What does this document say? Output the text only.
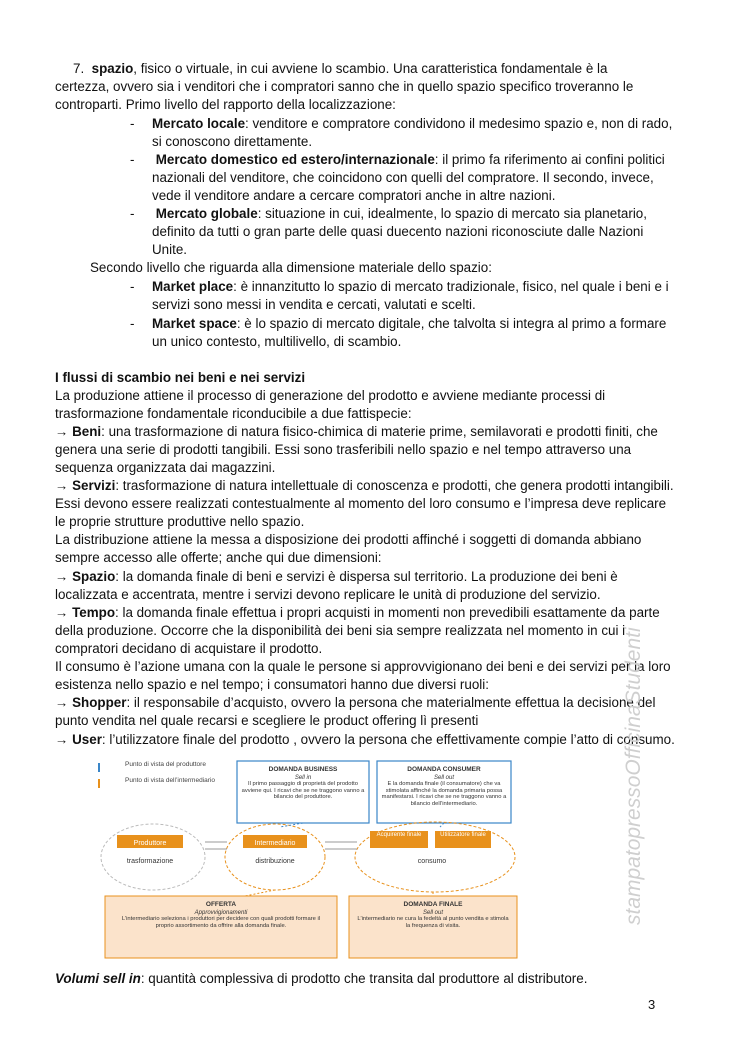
7. spazio, fisico o virtuale, in cui avviene lo scambio. Una caratteristica fondamentale è la
certezza, ovvero sia i venditori che i compratori sanno che in quello spazio specifico troveranno le
controparti. Primo livello del rapporto della localizzazione:
- Mercato locale: venditore e compratore condividono il medesimo spazio e, non di rado,
si conoscono direttamente.
- Mercato domestico ed estero/internazionale: il primo fa riferimento ai confini politici
nazionali del venditore, che coincidono con quelli del compratore. Il secondo, invece,
vede il venditore andare a cercare compratori anche in altre nazioni.
- Mercato globale: situazione in cui, idealmente, lo spazio di mercato sia planetario,
definito da tutti o gran parte delle quasi duecento nazioni riconosciute dalle Nazioni
Unite.
Secondo livello che riguarda alla dimensione materiale dello spazio:
- Market place: è innanzitutto lo spazio di mercato tradizionale, fisico, nel quale i beni e i
servizi sono messi in vendita e cercati, valutati e scelti.
- Market space: è lo spazio di mercato digitale, che talvolta si integra al primo a formare
un unico contesto, multilivello, di scambio.
I flussi di scambio nei beni e nei servizi
La produzione attiene il processo di generazione del prodotto e avviene mediante processi di
trasformazione fondamentale riconducibile a due fattispecie:
→ Beni: una trasformazione di natura fisico-chimica di materie prime, semilavorati e prodotti finiti, che
genera una serie di prodotti tangibili. Essi sono trasferibili nello spazio e nel tempo attraverso una
sequenza organizzata dai magazzini.
→ Servizi: trasformazione di natura intellettuale di conoscenza e prodotti, che genera prodotti intangibili.
Essi devono essere realizzati contestualmente al momento del loro consumo e l’impresa deve replicare
le proprie strutture produttive nello spazio.
La distribuzione attiene la messa a disposizione dei prodotti affinché i soggetti di domanda abbiano
sempre accesso alle offerte; anche qui due dimensioni:
→ Spazio: la domanda finale di beni e servizi è dispersa sul territorio. La produzione dei beni è
localizzata e accentrata, mentre i servizi devono replicare le unità di produzione del servizio.
→ Tempo: la domanda finale effettua i propri acquisti in momenti non prevedibili esattamente da parte
della produzione. Occorre che la disponibilità dei beni sia sempre realizzata nel momento in cui i
compratori decidano di acquistare il prodotto.
Il consumo è l’azione umana con la quale le persone si approvvigionano dei beni e dei servizi per la loro
esistenza nello spazio e nel tempo; i consumatori hanno due diversi ruoli:
→ Shopper: il responsabile d’acquisto, ovvero la persona che materialmente effettua la decisione del
punto vendita nel quale recarsi e scegliere le product offering lì presenti
→ User: l’utilizzatore finale del prodotto , ovvero la persona che effettivamente compie l’atto di consumo.
Punto di vista del produttore
Punto di vista dell’intermediario
DOMANDA BUSINESS
Sell in
Il primo passaggio di proprietà del prodotto avviene qui. I ricavi che se ne traggono vanno a bilancio del produttore.
DOMANDA CONSUMER
Sell out
È la domanda finale (il consumatore) che va stimolata affinché la domanda primaria possa manifestarsi. I ricavi che se ne traggono vanno a bilancio dell’intermediario.
Produttore
trasformazione
Intermediario
distribuzione
Acquirente finale	Utilizzatore finale
consumo
OFFERTA
Approvvigionamenti
L’intermediario seleziona i produttori per decidere con quali prodotti formare il proprio assortimento da offrire alla domanda finale.
DOMANDA FINALE
Sell out
L’intermediario ne cura la fedeltà al punto vendita e stimola la frequenza di visita.
stampatopressoOfficinaStudenti
Volumi sell in: quantità complessiva di prodotto che transita dal produttore al distributore.
3
